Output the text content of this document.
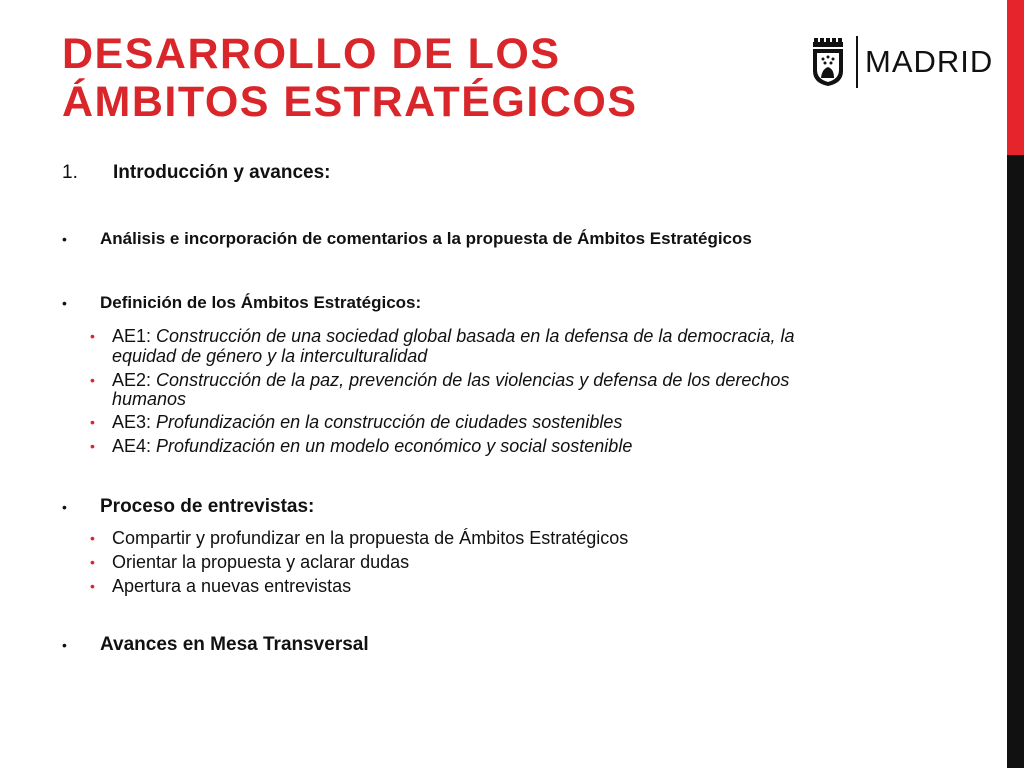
DESARROLLO DE LOS
ÁMBITOS ESTRATÉGICOS
MADRID
1. Introducción y avances:
• Análisis e incorporación de comentarios a la propuesta de Ámbitos Estratégicos
• Definición de los Ámbitos Estratégicos:
• AE1: Construcción de una sociedad global basada en la defensa de la democracia, la
equidad de género y la interculturalidad
• AE2: Construcción de la paz, prevención de las violencias y defensa de los derechos
humanos
• AE3: Profundización en la construcción de ciudades sostenibles
• AE4: Profundización en un modelo económico y social sostenible
• Proceso de entrevistas:
• Compartir y profundizar en la propuesta de Ámbitos Estratégicos
• Orientar la propuesta y aclarar dudas
• Apertura a nuevas entrevistas
• Avances en Mesa Transversal
